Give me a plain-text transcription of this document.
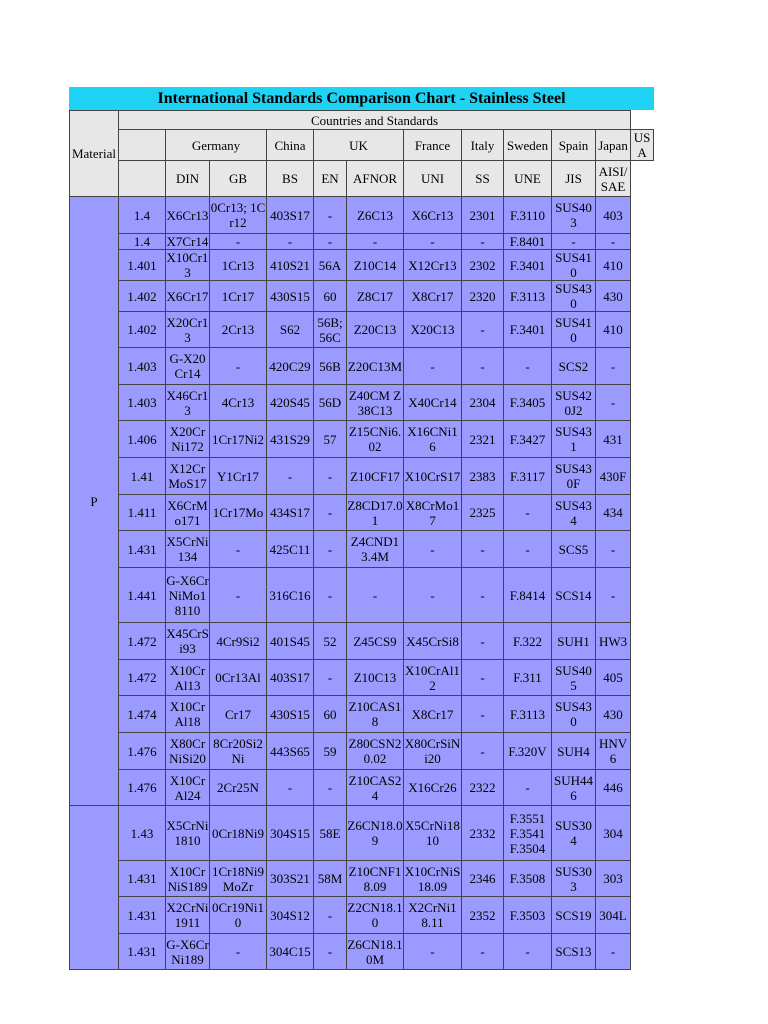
International Standards Comparison Chart - Stainless Steel
Material	Countries and Standards											
		Germany		China	UK		France	Italy	Sweden	Spain	Japan	USA
		DIN	GB	BS	EN	AFNOR	UNI	SS	UNE	JIS	AISI/ SAE	
P	1.4	X6Cr13	0Cr13; 1Cr12	403S17	-	Z6C13	X6Cr13	2301	F.3110	SUS403	403	
	1.4	X7Cr14	-	-	-	-	-	-	F.8401	-	-	
	1.401	X10Cr13	1Cr13	410S21	56A	Z10C14	X12Cr13	2302	F.3401	SUS410	410	
	1.402	X6Cr17	1Cr17	430S15	60	Z8C17	X8Cr17	2320	F.3113	SUS430	430	
	1.402	X20Cr13	2Cr13	S62	56B; 56C	Z20C13	X20C13	-	F.3401	SUS410	410	
	1.403	G-X20Cr14	-	420C29	56B	Z20C13M	-	-	-	SCS2	-	
	1.403	X46Cr13	4Cr13	420S45	56D	Z40CM Z38C13	X40Cr14	2304	F.3405	SUS420J2	-	
	1.406	X20CrNi172	1Cr17Ni2	431S29	57	Z15CNi6.02	X16CNi16	2321	F.3427	SUS431	431	
	1.41	X12CrMoS17	Y1Cr17	-	-	Z10CF17	X10CrS17	2383	F.3117	SUS430F	430F	
	1.411	X6CrMo171	1Cr17Mo	434S17	-	Z8CD17.01	X8CrMo17	2325	-	SUS434	434	
	1.431	X5CrNi134	-	425C11	-	Z4CND13.4M	-	-	-	SCS5	-	
	1.441	G-X6CrNiMo18110	-	316C16	-	-	-	-	F.8414	SCS14	-	
	1.472	X45CrSi93	4Cr9Si2	401S45	52	Z45CS9	X45CrSi8	-	F.322	SUH1	HW3	
	1.472	X10CrAl13	0Cr13Al	403S17	-	Z10C13	X10CrAl12	-	F.311	SUS405	405	
	1.474	X10CrAl18	Cr17	430S15	60	Z10CAS18	X8Cr17	-	F.3113	SUS430	430	
	1.476	X80CrNiSi20	8Cr20Si2Ni	443S65	59	Z80CSN20.02	X80CrSiNi20	-	F.320V	SUH4	HNV6	
	1.476	X10CrAl24	2Cr25N	-	-	Z10CAS24	X16Cr26	2322	-	SUH446	446	
	1.43	X5CrNi1810	0Cr18Ni9	304S15	58E	Z6CN18.09	X5CrNi1810	2332	F.3551 F.3541 F.3504	SUS304	304	
	1.431	X10CrNiS189	1Cr18Ni9MoZr	303S21	58M	Z10CNF18.09	X10CrNiS18.09	2346	F.3508	SUS303	303	
	1.431	X2CrNi1911	0Cr19Ni10	304S12	-	Z2CN18.10	X2CrNi18.11	2352	F.3503	SCS19	304L	
	1.431	G-X6CrNi189	-	304C15	-	Z6CN18.10M	-	-	-	SCS13	-	
